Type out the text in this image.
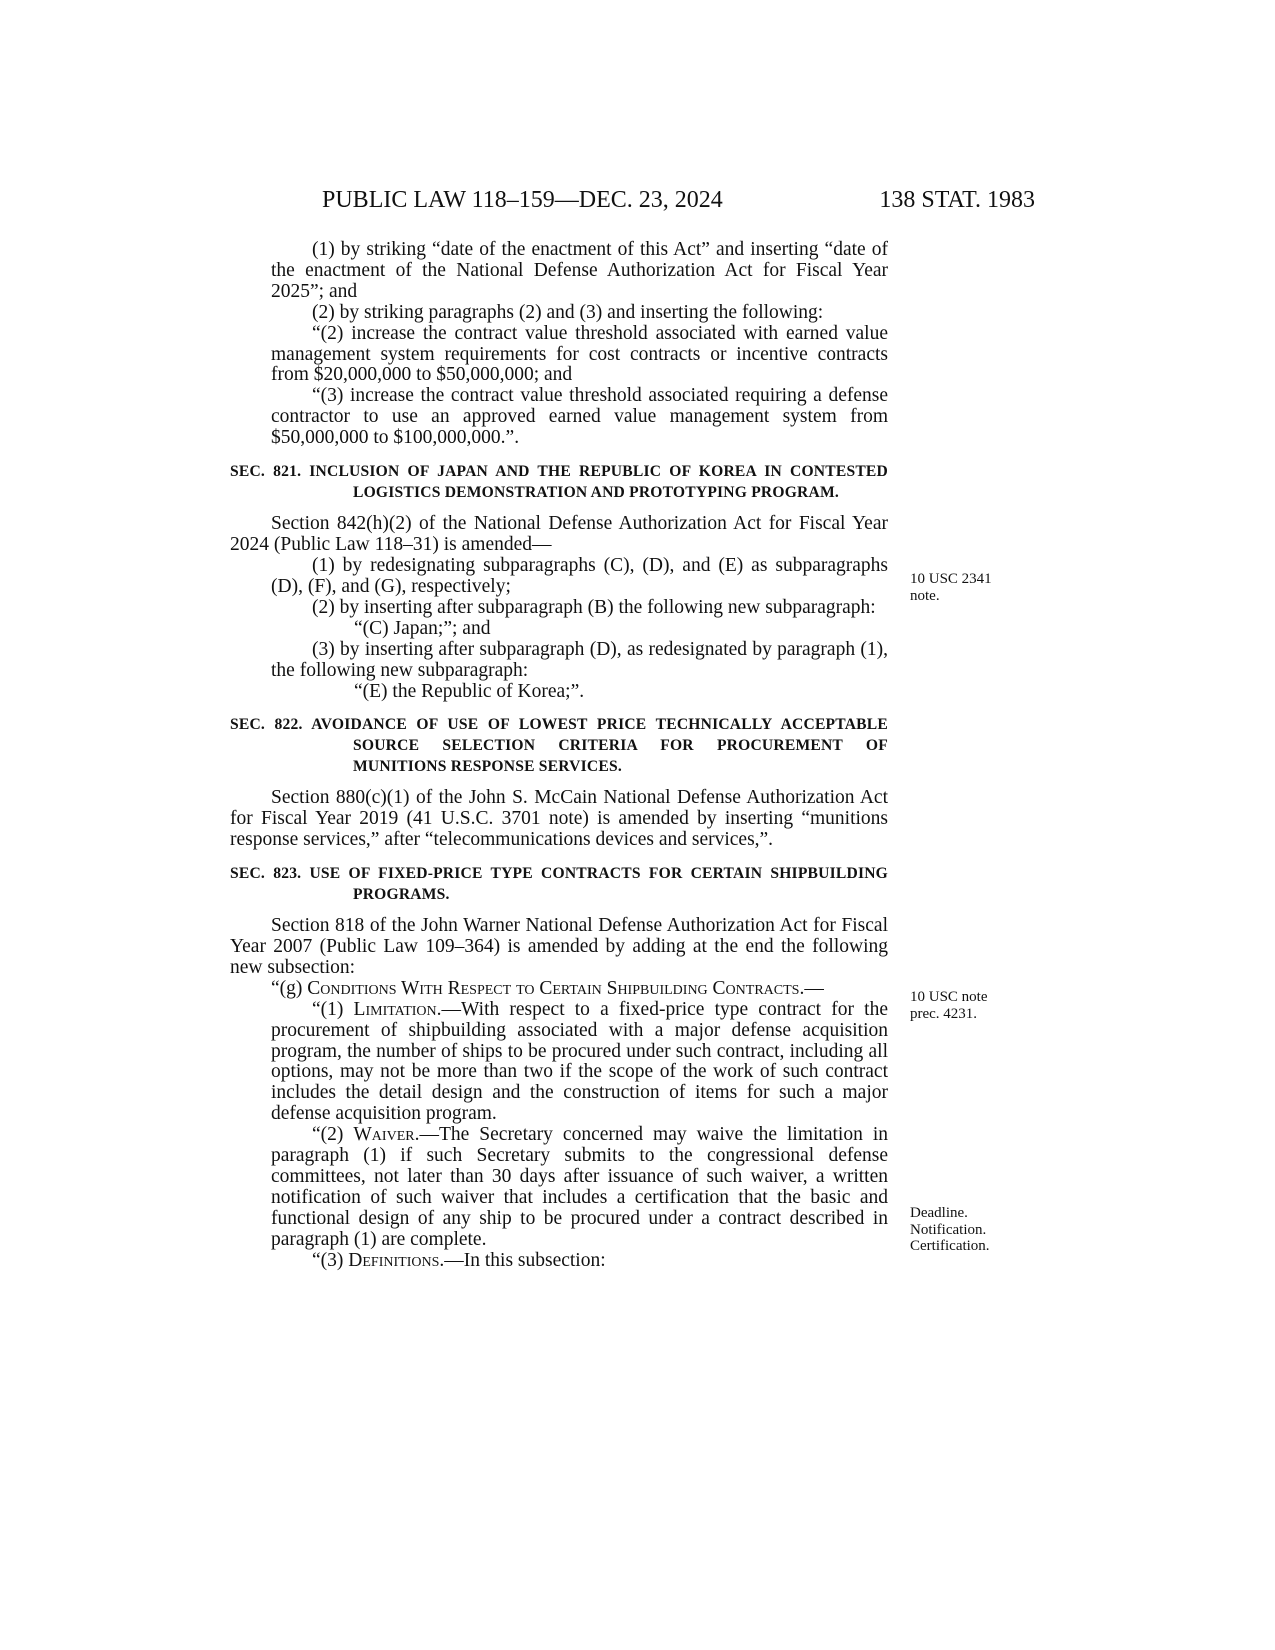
PUBLIC LAW 118–159—DEC. 23, 2024	138 STAT. 1983

(1) by striking “date of the enactment of this Act” and inserting “date of the enactment of the National Defense Authorization Act for Fiscal Year 2025”; and

(2) by striking paragraphs (2) and (3) and inserting the following:

“(2) increase the contract value threshold associated with earned value management system requirements for cost contracts or incentive contracts from $20,000,000 to $50,000,000; and

“(3) increase the contract value threshold associated requiring a defense contractor to use an approved earned value management system from $50,000,000 to $100,000,000.”.

SEC. 821. INCLUSION OF JAPAN AND THE REPUBLIC OF KOREA IN CONTESTED LOGISTICS DEMONSTRATION AND PROTOTYPING PROGRAM.

Section 842(h)(2) of the National Defense Authorization Act for Fiscal Year 2024 (Public Law 118–31) is amended—

(1) by redesignating subparagraphs (C), (D), and (E) as subparagraphs (D), (F), and (G), respectively;

(2) by inserting after subparagraph (B) the following new subparagraph:

“(C) Japan;”; and

(3) by inserting after subparagraph (D), as redesignated by paragraph (1), the following new subparagraph:

“(E) the Republic of Korea;”.

SEC. 822. AVOIDANCE OF USE OF LOWEST PRICE TECHNICALLY ACCEPTABLE SOURCE SELECTION CRITERIA FOR PROCUREMENT OF MUNITIONS RESPONSE SERVICES.

Section 880(c)(1) of the John S. McCain National Defense Authorization Act for Fiscal Year 2019 (41 U.S.C. 3701 note) is amended by inserting “munitions response services,” after “telecommunications devices and services,”.

SEC. 823. USE OF FIXED-PRICE TYPE CONTRACTS FOR CERTAIN SHIPBUILDING PROGRAMS.

Section 818 of the John Warner National Defense Authorization Act for Fiscal Year 2007 (Public Law 109–364) is amended by adding at the end the following new subsection:

“(g) Conditions With Respect to Certain Shipbuilding Contracts.—

“(1) Limitation.—With respect to a fixed-price type contract for the procurement of shipbuilding associated with a major defense acquisition program, the number of ships to be procured under such contract, including all options, may not be more than two if the scope of the work of such contract includes the detail design and the construction of items for such a major defense acquisition program.

“(2) Waiver.—The Secretary concerned may waive the limitation in paragraph (1) if such Secretary submits to the congressional defense committees, not later than 30 days after issuance of such waiver, a written notification of such waiver that includes a certification that the basic and functional design of any ship to be procured under a contract described in paragraph (1) are complete.

“(3) Definitions.—In this subsection:

10 USC 2341
note.
10 USC note
prec. 4231.
Deadline.
Notification.
Certification.
